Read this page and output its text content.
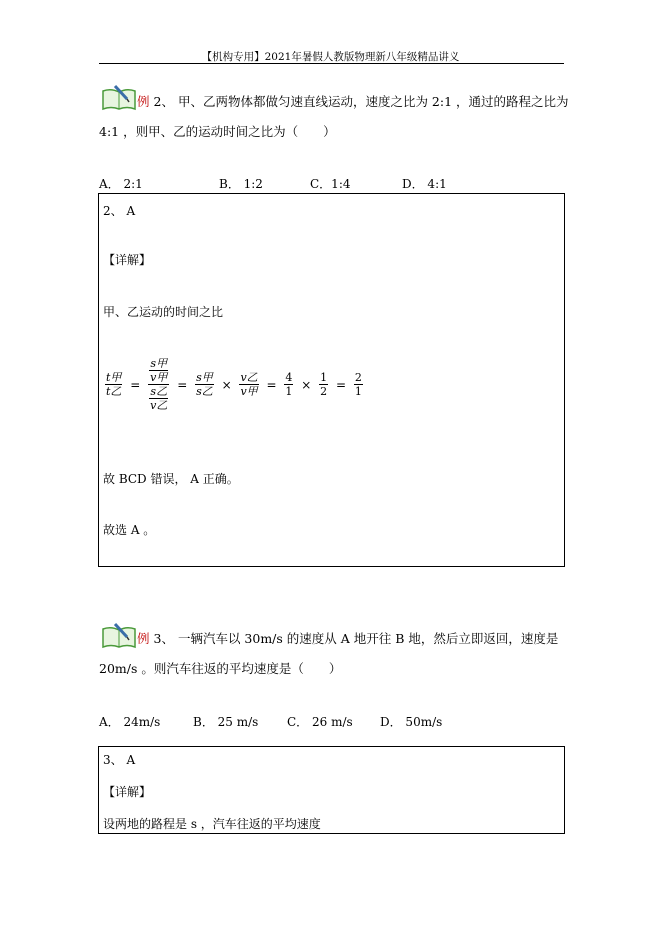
【机构专用】2021年暑假人教版物理新八年级精品讲义
例 2、 甲、乙两物体都做匀速直线运动，速度之比为 2:1 ，通过的路程之比为
4:1 ，则甲、乙的运动时间之比为（　　）
A． 2:1	B． 1:2	C．1:4	D． 4:1
2、 A
【详解】
甲、乙运动的时间之比
$\frac{\text{t甲}}{\text{t乙}} = \frac{\frac{\text{s甲}}{\text{v甲}}}{\frac{\text{s乙}}{\text{v乙}}} = \frac{\text{s甲}}{\text{s乙}} \times \frac{\text{v乙}}{\text{v甲}} = \frac{4}{1} \times \frac{1}{2} = \frac{2}{1}$
故 BCD 错误， A 正确。
故选 A 。
例 3、 一辆汽车以 30m/s 的速度从 A 地开往 B 地，然后立即返回，速度是
20m/s 。则汽车往返的平均速度是（　　）
A． 24m/s	B． 25 m/s C． 26 m/s D． 50m/s
3、 A
【详解】
设两地的路程是 s ，汽车往返的平均速度
